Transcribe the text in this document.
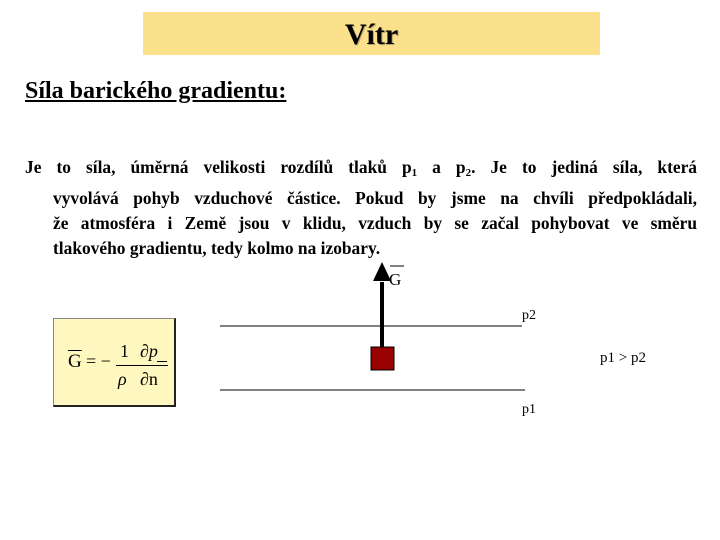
Vítr
Síla barického gradientu:
Je to síla, úměrná velikosti rozdílů tlaků $p_1$ a $p_2$. Je to jediná síla, která
vyvolává pohyb vzduchové částice. Pokud by jsme na chvíli předpokládali,
že atmosféra i Země jsou v klidu, vzduch by se začal pohybovat ve směru
tlakového gradientu, tedy kolmo na izobary.
$\overline{G}$ = − 1 ∂p
ρ ∂n
G
p2
p1
p1 > p2
